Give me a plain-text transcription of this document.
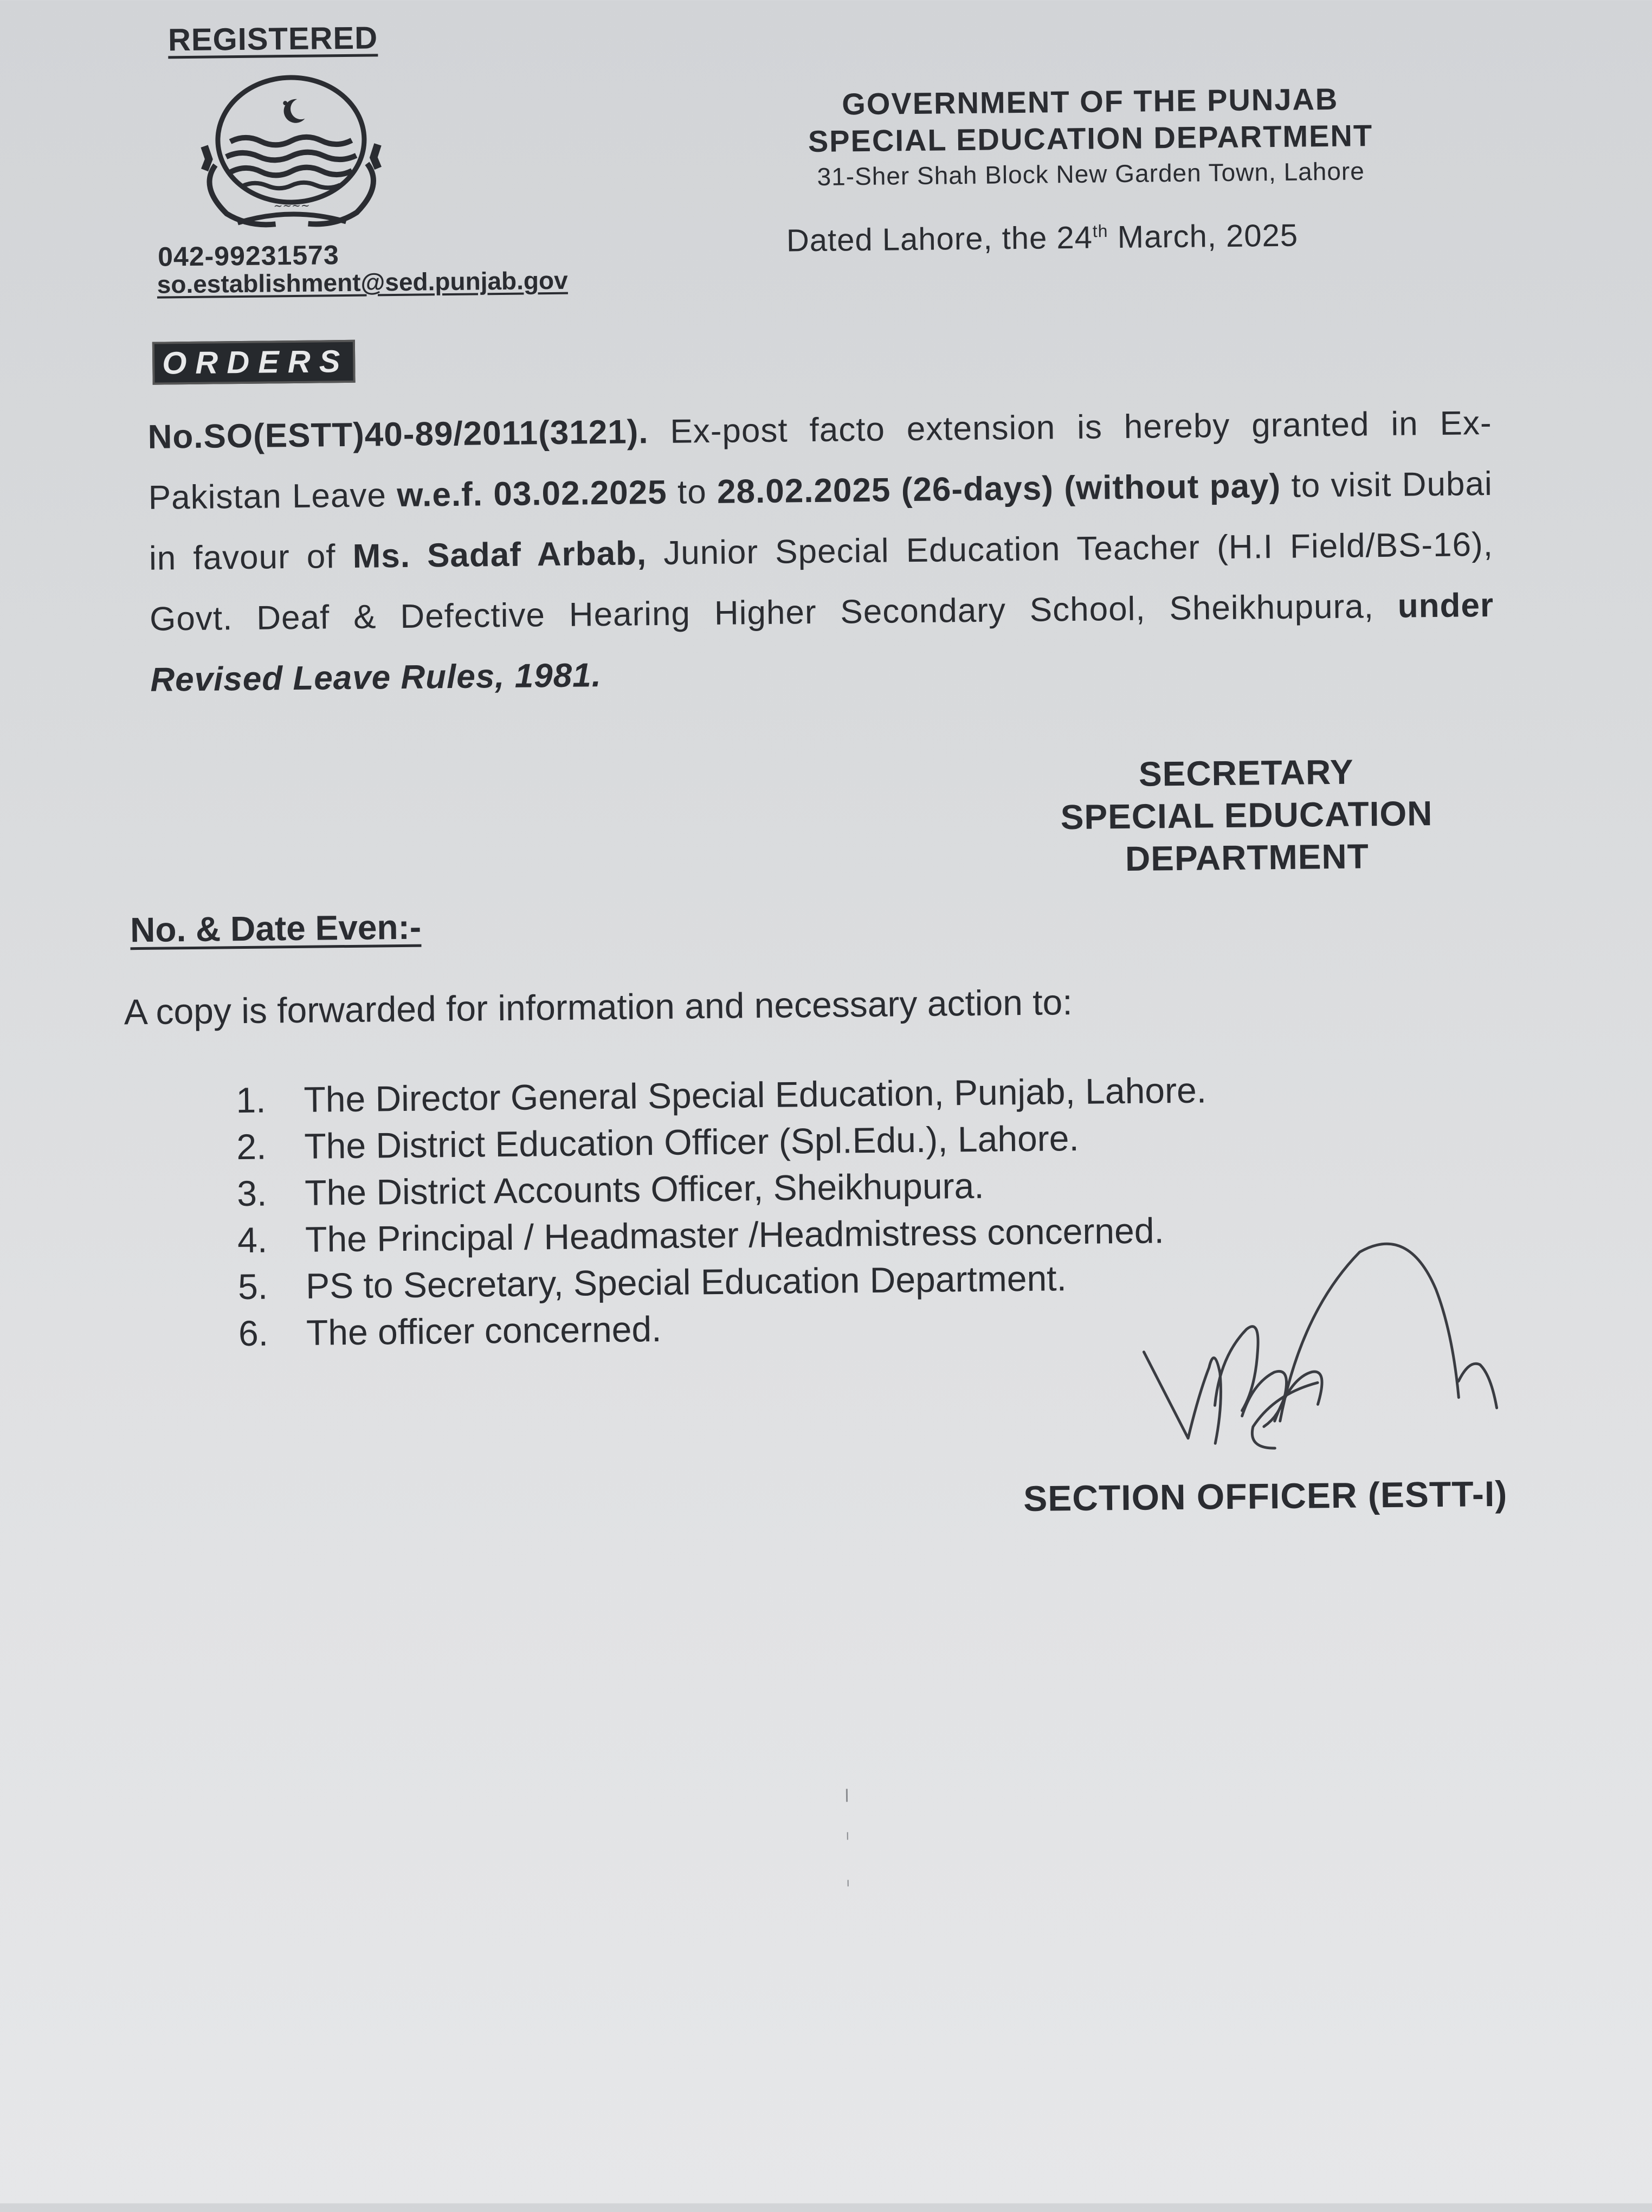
REGISTERED
~~~~
042-99231573
so.establishment@sed.punjab.gov
GOVERNMENT OF THE PUNJAB
SPECIAL EDUCATION DEPARTMENT
31-Sher Shah Block New Garden Town, Lahore
Dated Lahore, the 24th March, 2025
ORDERS
No.SO(ESTT)40-89/2011(3121). Ex-post facto extension is hereby granted in Ex-Pakistan Leave w.e.f. 03.02.2025 to 28.02.2025 (26-days) (without pay) to visit Dubai in favour of Ms. Sadaf Arbab, Junior Special Education Teacher (H.I Field/BS-16), Govt. Deaf & Defective Hearing Higher Secondary School, Sheikhupura, under Revised Leave Rules, 1981.
SECRETARY
SPECIAL EDUCATION
DEPARTMENT
No. & Date Even:-
A copy is forwarded for information and necessary action to:
1.	The Director General Special Education, Punjab, Lahore.
2.	The District Education Officer (Spl.Edu.), Lahore.
3.	The District Accounts Officer, Sheikhupura.
4.	The Principal / Headmaster /Headmistress concerned.
5.	PS to Secretary, Special Education Department.
6.	The officer concerned.
SECTION OFFICER (ESTT-I)
